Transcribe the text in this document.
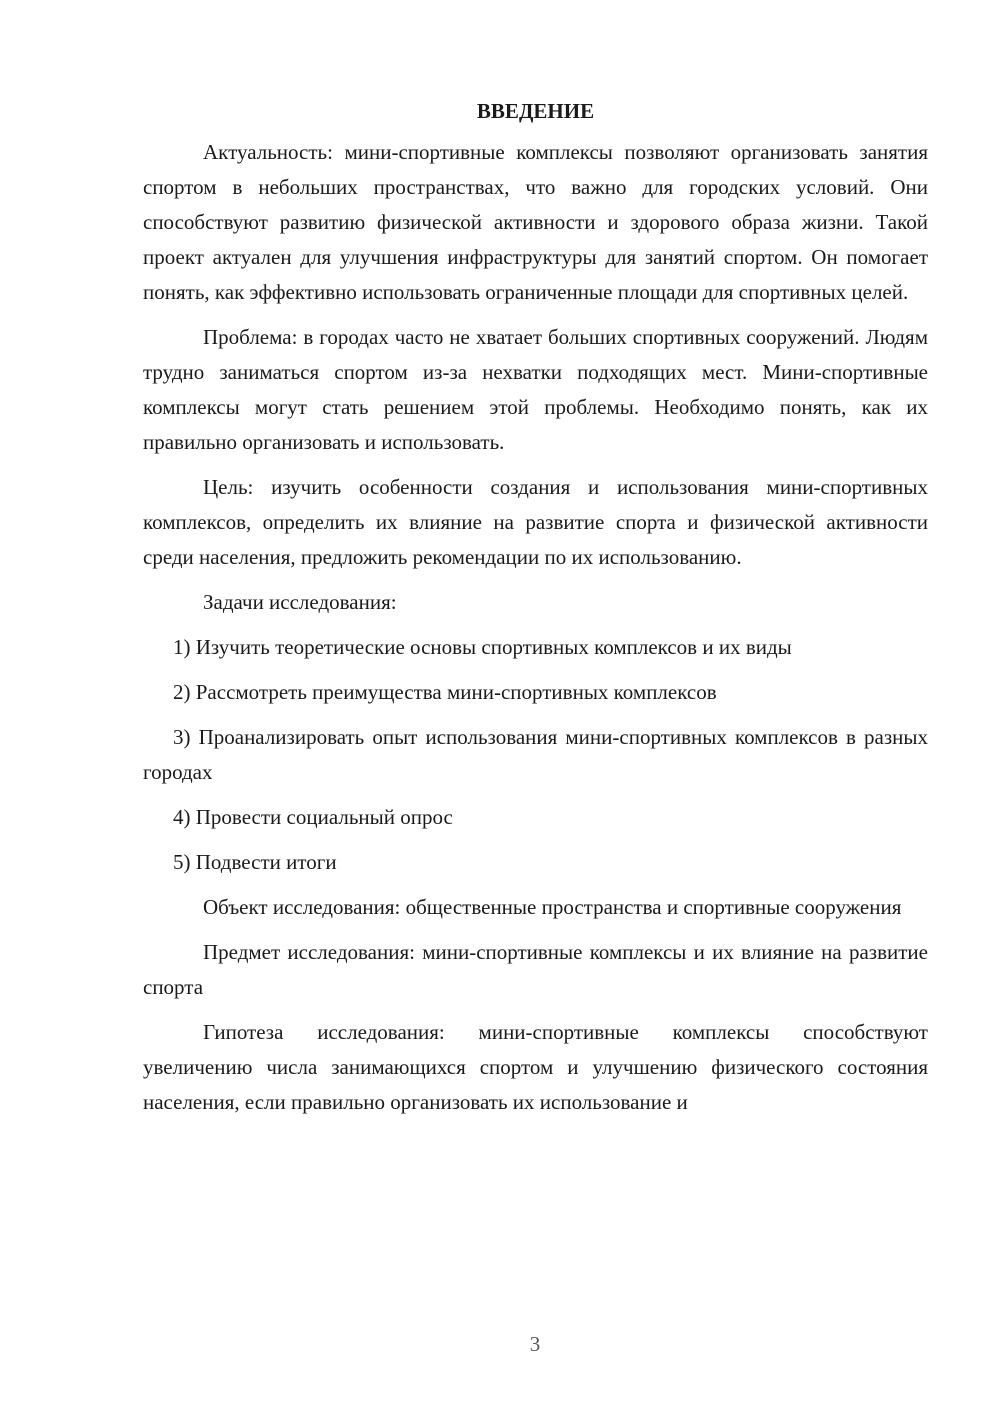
ВВЕДЕНИЕ

Актуальность: мини-спортивные комплексы позволяют организовать занятия спортом в небольших пространствах, что важно для городских условий. Они способствуют развитию физической активности и здорового образа жизни. Такой проект актуален для улучшения инфраструктуры для занятий спортом. Он помогает понять, как эффективно использовать ограниченные площади для спортивных целей.

Проблема: в городах часто не хватает больших спортивных сооружений. Людям трудно заниматься спортом из-за нехватки подходящих мест. Мини-спортивные комплексы могут стать решением этой проблемы. Необходимо понять, как их правильно организовать и использовать.

Цель: изучить особенности создания и использования мини-спортивных комплексов, определить их влияние на развитие спорта и физической активности среди населения, предложить рекомендации по их использованию.

Задачи исследования:

1) Изучить теоретические основы спортивных комплексов и их виды

2) Рассмотреть преимущества мини-спортивных комплексов

3) Проанализировать опыт использования мини-спортивных комплексов в разных городах

4) Провести социальный опрос

5) Подвести итоги

Объект исследования: общественные пространства и спортивные сооружения

Предмет исследования: мини-спортивные комплексы и их влияние на развитие спорта

Гипотеза исследования: мини-спортивные комплексы способствуют увеличению числа занимающихся спортом и улучшению физического состояния населения, если правильно организовать их использование и

3
